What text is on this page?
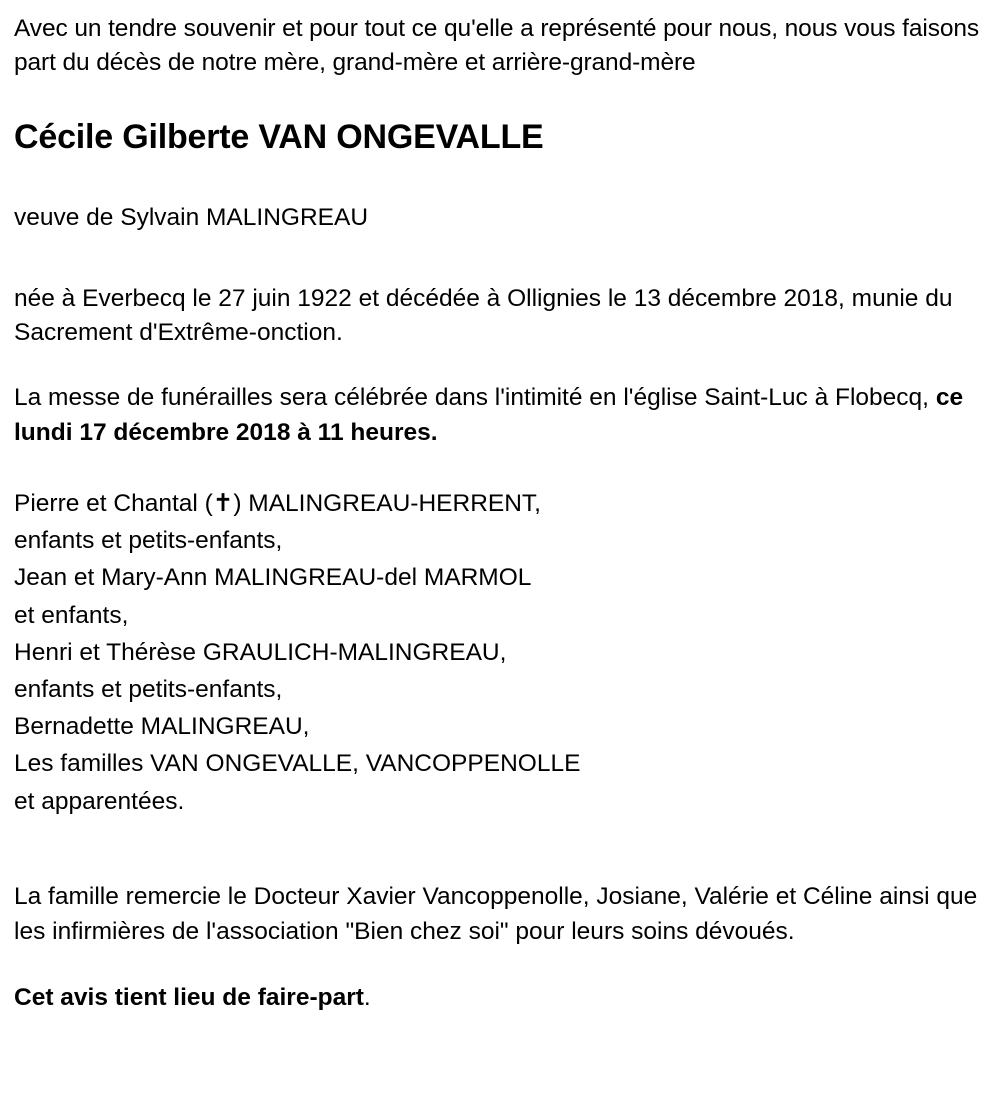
Avec un tendre souvenir et pour tout ce qu'elle a représenté pour nous, nous vous faisons part du décès de notre mère, grand-mère et arrière-grand-mère

Cécile Gilberte VAN ONGEVALLE

veuve de Sylvain MALINGREAU

née à Everbecq le 27 juin 1922 et décédée à Ollignies le 13 décembre 2018, munie du Sacrement d'Extrême-onction.

La messe de funérailles sera célébrée dans l'intimité en l'église Saint-Luc à Flobecq, ce lundi 17 décembre 2018 à 11 heures.

Pierre et Chantal (✝) MALINGREAU-HERRENT,
enfants et petits-enfants,
Jean et Mary-Ann MALINGREAU-del MARMOL
et enfants,
Henri et Thérèse GRAULICH-MALINGREAU,
enfants et petits-enfants,
Bernadette MALINGREAU,
Les familles VAN ONGEVALLE, VANCOPPENOLLE
et apparentées.

La famille remercie le Docteur Xavier Vancoppenolle, Josiane, Valérie et Céline ainsi que les infirmières de l'association "Bien chez soi" pour leurs soins dévoués.

Cet avis tient lieu de faire-part.
